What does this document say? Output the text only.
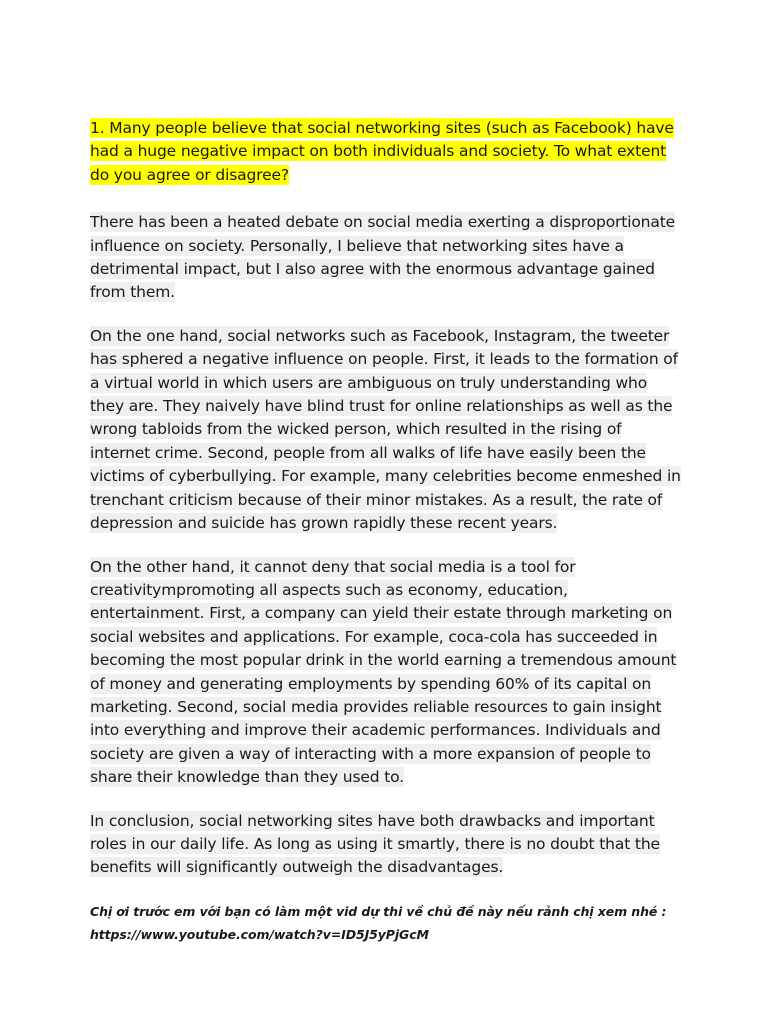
1. Many people believe that social networking sites (such as Facebook) have had a huge negative impact on both individuals and society. To what extent do you agree or disagree?

There has been a heated debate on social media exerting a disproportionate influence on society. Personally, I believe that networking sites have a detrimental impact, but I also agree with the enormous advantage gained from them.

On the one hand, social networks such as Facebook, Instagram, the tweeter has sphered a negative influence on people. First, it leads to the formation of a virtual world in which users are ambiguous on truly understanding who they are. They naively have blind trust for online relationships as well as the wrong tabloids from the wicked person, which resulted in the rising of internet crime. Second, people from all walks of life have easily been the victims of cyberbullying. For example, many celebrities become enmeshed in trenchant criticism because of their minor mistakes. As a result, the rate of depression and suicide has grown rapidly these recent years.

On the other hand, it cannot deny that social media is a tool for creativitympromoting all aspects such as economy, education, entertainment. First, a company can yield their estate through marketing on social websites and applications. For example, coca-cola has succeeded in becoming the most popular drink in the world earning a tremendous amount of money and generating employments by spending 60% of its capital on marketing. Second, social media provides reliable resources to gain insight into everything and improve their academic performances. Individuals and society are given a way of interacting with a more expansion of people to share their knowledge than they used to.

In conclusion, social networking sites have both drawbacks and important roles in our daily life. As long as using it smartly, there is no doubt that the benefits will significantly outweigh the disadvantages.

Chị ơi trước em với bạn có làm một vid dự thi về chủ đề này nếu rảnh chị xem nhé :
https://www.youtube.com/watch?v=ID5J5yPjGcM
